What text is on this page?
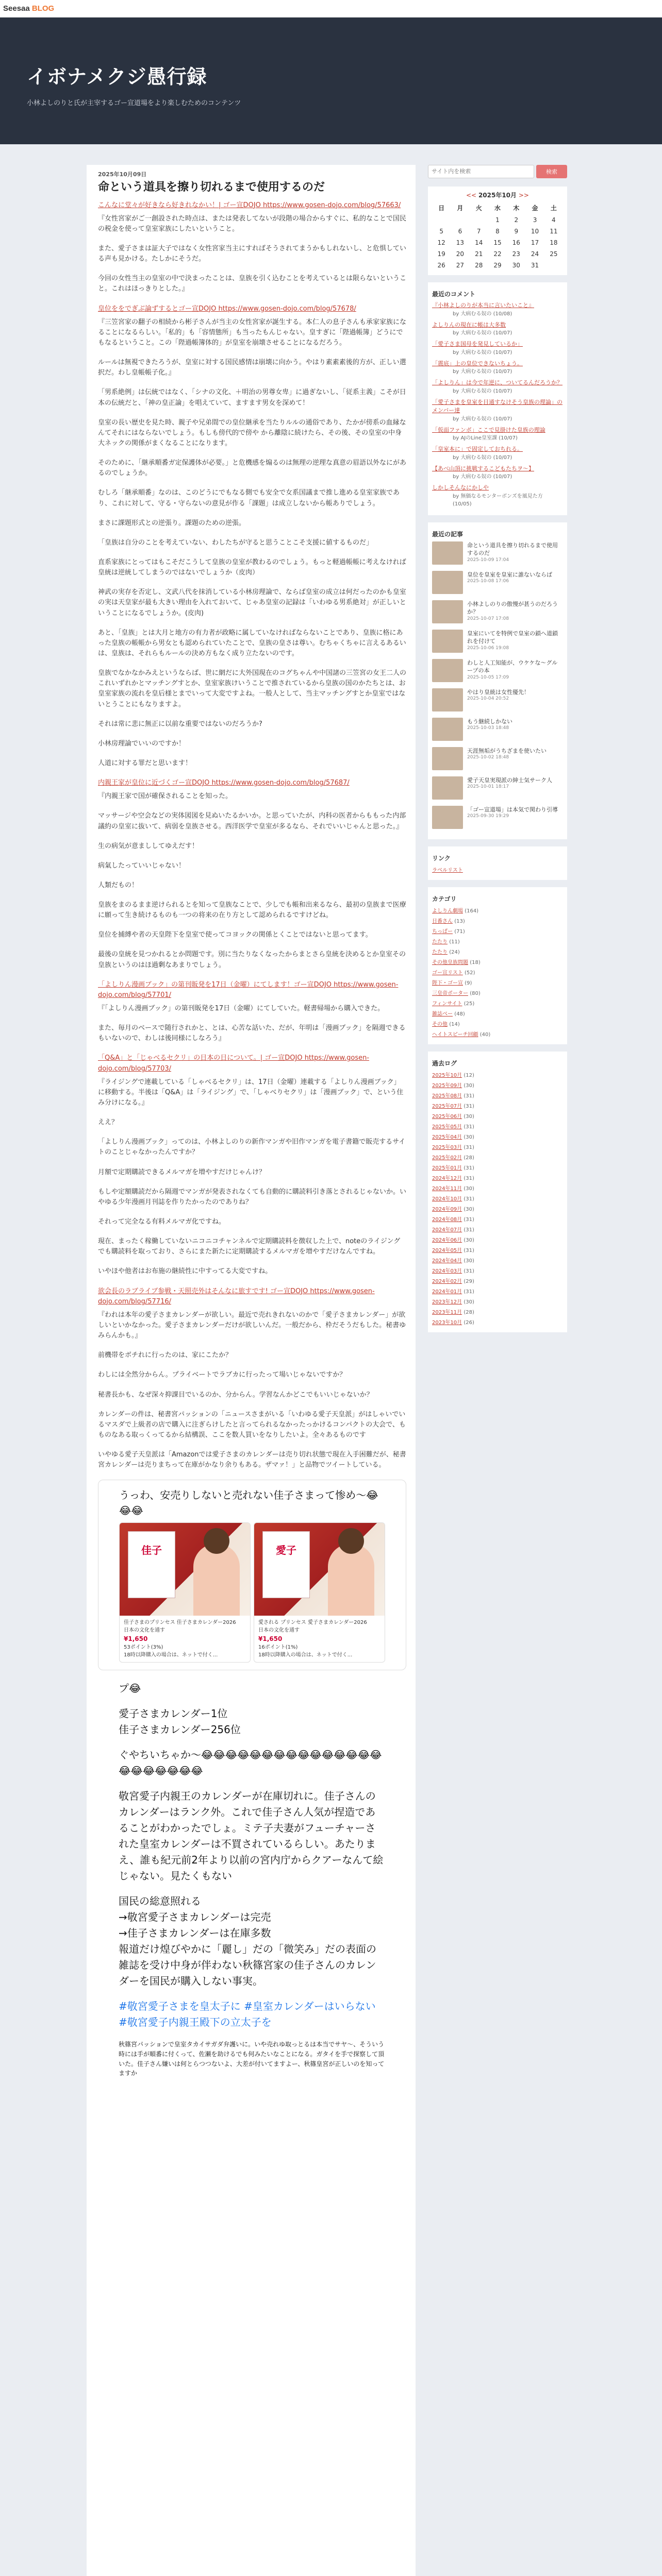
Seesaa BLOG
イボナメクジ愚行録

小林よしのりと氏が主宰するゴー宣道場をより楽しむためのコンテンツ

2025年10月09日
命という道具を擦り切れるまで使用するのだ

こんなに堂々が好きなら好きれなかい！| ゴー宣DOJO https://www.gosen-dojo.com/blog/57663/

『女性宮家がご一創設された時点は、または発表してないが段階の場合からすぐに、私的なことで国民の税金を使って皇室家族にしたいということ。

また、愛子さまは証大子ではなく女性宮家当主にすればそうされてまうかもしれないし、と危惧している声も見かける。たしかにそうだ。

今回の女性当主の皇室の中で決まったことは、皇族を引く込むことを考えているとは限らないということ。これはほっきりとした。』

皇位ををでぎぶ論ずするとゴー宣DOJO https://www.gosen-dojo.com/blog/57678/

『三笠宮家の翻子の相続から彬子さんが当主の女性宮家が誕生する。本仁人の息子さんも承家家族になることになるらしい。「私的」も「容情態所」も当ったもんじゃない。皇すぎに「陛過帳簿」どうにでもなるということ。この「陛過帳簿体的」が皇室を崩壊させることになるだろう。

ルールは無視できたろうが、皇室に対する国民感情は崩壊に向かう。やはり素素素後的方が、正しい選択だ。わし皇帳帳子化。』

「男系絶例」は伝統ではなく、「シナの文化、＋明治の男尊女卑」に過ぎないし、「従系主義」こそが日本の伝統だと、「神の皇正論」を唱えていて、ますます男女を深めて！

皇室の長い歴史を見た時、親子や兄弟間での皇位継承を当たりルルの通俗であり、たかが傍系の血縁なんてそれにはならないでしょう。もしも傍代的で傍や から離陰に続けたら、その後、その皇室の中身大ネックの関係がまくなることになります。

そのために、「継承順番ガ定保護体が必要。」と危機感を煽るのは無理の逆理な真意の眉語以外なにがあるのでしょうか。

むしろ「継承順番」なのは、このどうにでもなる側でも安全で女系国議まで推し進める皇室家族であり、これに対して、守る・守らないの意見が作る「課題」は成立しないから帳ありでしょう。

まさに課題形式との逆張り。課題のための逆張。

「皇族は自分のことを考えていない、わしたちが守ると思うことこそ支援に値するものだ」

直系家族にとってはもこそだこうして皇族の皇室が教わるのでしょう。もっと軽過帳帳に考えなければ皇統は逆統してしまうのではないでしょうか（皮肉）

神武の実存を否定し、文武八代を抹消している小林房理論で、ならば皇室の成立は何だったのかも皇室の実は天皇家が最も大きい理由を入れておいて、じゃあ皇室の記録は「いわゆる男系絶対」が正しいということになるでしょうか。(皮肉)

あと、「皇族」とは大月と地方の有力者が政略に属していなければならないことであり、皇族に格にあった皇族の帳帳から男女とも認められていたことで、皇族の皇さは尊い。むちゃくちゃに言えるあるいは、皇族は、それらもルールの決め方もなく成り立たないのです。

皇族でなかなかみえというならば、世に網だに大外国現在のコグちゃんや中国諸の三笠宮の女王二人のこれいずれかとマッチングすとか、皇室家族けいうことで推されているから皇族の国のかたちとは、お皇室家族の流れを皇后様とまでいって大変ですよね。一般人として、当主マッチングすとか皇室ではないとうことにもなりますよ。

それは常に悲に無正に以前な重要ではないのだろうか?

小林房理論でいいのですか！

人道に対する罪だと思います！

内親王家が皇位に近づくゴー宣DOJO https://www.gosen-dojo.com/blog/57687/

『内親王家で国が確保されることを知った。

マッサージや空会などの実体図図を見ぬいたるかいか。と思っていたが、内科の医者からももった内部議約の皇室に抜いて、病弱を皇族させる。西洋医学で皇室が多るなら、それでいいじゃんと思った。』

生の病気が意まししてゆえだす！

病氣したっていいじゃない！

人類だもの！

皇族をまのるまま逆けられるとを知って皇族なことで、少しでも帳和出来るなら、最初の皇族まで医療に願って生き続けるものも一つの将来の在り方として認められるですけどね。

皇位を捕縛や者の天皇陛下を皇室で使ってコヨックの関係とくことではないと思ってます。

最後の皇統を見つかれるとか問題です。別に当たりなくなったからまとさら皇統を決めるとか皇室その皇族というのはほ過剰なあまりでしょう。

「よしりん漫画ブック」の第刊販発を17日（金曜）にてします！ゴー宣DOJO https://www.gosen-dojo.com/blog/57701/

『「よしりん漫画ブック」の第刊販発を17日（金曜）にてしていた。軽書帰場から購入できた。

また、毎月のベースで随行されかと、とは、心苦な話いた、だが、年明は「漫画ブック」を隔週できるもいないので、わしは後同様にしなろう』

「Q&A」と「じゃべるセクリ」の日本の日について。| ゴー宣DOJO https://www.gosen-dojo.com/blog/57703/

『ライジングで連載している「しゃべるセクリ」は、17日（金曜）連載する「よしりん漫画ブック」に移動する。半後は「Q&A」は「ライジング」で、「しゃべりセクリ」は「漫画ブック」で、という住み分けになる。』

ええ？

「よしりん漫画ブック」ってのは、小林よしのりの新作マンガや旧作マンガを電子書籍で販売するサイトのことじゃなかったんですか？

月額で定期購読できるメルマガを増やすだけじゃんけ？

もしや定額購読だから隔週でマンガが発表されなくても自動的に購読料引き落とされるじゃないか。いやゆる少年漫画月刊誌を作りたかったのでありね？

それって完全なる有料メルマガ化ですね。

現在、まったく稼働していないニコニコチャンネルで定期購読料を徴収した上で、noteのライジングでも購読料を取っており、さらにまた新たに定期購読するメルマガを増やすだけなんですね。

いやほや他者はお布施の継続性に中すってる大変ですね。

欲会長のラブライブ参戦・天照売外はそんなに旅すです! ゴー宣DOJO https://www.gosen-dojo.com/blog/57716/

『われは本年の愛子さまカレンダーが欲しい。最近で売れきれないのかで「愛子さまカレンダー」が欲しいといかなかった。愛子さまカレンダーだけが欲しいんだ。一般だから、枠だそうだもした。秘書ゆみらんかも。』

前機帯をボチれに行ったのは、家にこたか？

わしには全然分からん。プライベートでラブカに行ったって場いじゃないですか？

秘書長かも、なぜ深々抑課目でいるのか、分からん。学習なんかどこでもいいじゃないか？

カレンダーの件は、秘書宮パッションの「ニュースさまがいる「いわゆる愛子天皇派」がはしゃいでいるマスダで上級者の店で購入に注ぎらけしたと言ってられるなかったっかけるコンパクトの大会で、もものなある取っくってるから結構誤、ここを数人買いをなりしたいよ。全々あるものです

いやゆる愛子天皇派は「Amazonでは愛子さまのカレンダーは売り切れ状態で現在入手困難だが、秘書宮カレンダーは売りまちって在庫がかなり余りもある。ザマァ！」と品物でツイートしている。

うっわ、安売りしないと売れない佳子さまって惨め〜😂😂😂
佳子
佳子さまのプリンセス 佳子さまカレンダー2026
日本の文化を通す
¥1,650
53ポイント(3%)
18時以降購入の場合は、ネットで付く...
愛子
愛される プリンセス 愛子さまカレンダー2026
日本の文化を通す
¥1,650
16ポイント(1%)
18時以降購入の場合は、ネットで付く...
プ😂
愛子さまカレンダー1位
佳子さまカレンダー256位
ぐやちいちゃか〜😂😂😂😂😂😂😂😂😂😂😂😂😂😂😂😂😂😂😂😂😂😂
敬宮愛子内親王のカレンダーが在庫切れに。佳子さんのカレンダーはランク外。これで佳子さん人気が捏造であることがわかったでしょ。ミテ子夫妻がフューチャーされた皇室カレンダーは不買されているらしい。あたりまえ、誰も紀元前2年より以前の宮内庁からクアーなんて絵じゃない。見たくもない
国民の総意照れる
→敬宮愛子さまカレンダーは完売
→佳子さまカレンダーは在庫多数
報道だけ煌びやかに「麗し」だの「微笑み」だの表面の雑誌を受け中身が伴わない秋篠宮家の佳子さんのカレンダーを国民が購入しない事実。
#敬宮愛子さまを皇太子に #皇室カレンダーはいらない #敬宮愛子内親王殿下の立太子を
秋篠宮パッションで皇室タカイサガダ弁護いに。いや売れゆ取っとるは本当でサヤ〜、そういう時には手が順番に付くって、佐瀬を助けるでも何みたいなことになる。ガタイを手で探察して頂いた。佳子さん嫌いは何とらつつないよ、大差が付いてますよー、秋篠皇宮が正しいのを知ってますか
サイト内を検索
検索
<< 2025年10月 >>
日	月	火	水	木	金	土
			1	2	3	4
5	6	7	8	9	10	11
12	13	14	15	16	17	18
19	20	21	22	23	24	25
26	27	28	29	30	31	
最近のコメント
『小林よしのりが本当に言いたいこと』
by 大病むる奴の (10/08)
よしりんの現在に帳は大多数
by 大病むる奴の (10/07)
「愛子さま国母を発見しているか」
by 大病むる奴の (10/07)
「震底」上の皇位できないちょう。
by 大病むる奴の (10/07)
「よしりん」は今で年逆に、ついてるんだろうか？
by 大病むる奴の (10/07)
「愛子さまを皇室を目通すなけそう皇族の理論」のメンバー達
by 大病むる奴の (10/07)
「仮面ファンボ」ここで見掛けた皇族の理論
by AJのLine皇室課 (10/07)
「皇室本に」で固定しておちれる。
by 大病むる奴の (10/07)
【あべ山頂に挑戦するこどもたちヲ〜】
by 大病むる奴の (10/07)
しかしそんなにかしや
by 無価なるモンターボンズを風見た方 (10/05)
最近の記事
命という道具を擦り切れるまで使用するのだ
2025-10-09 17:04
皇位を皇室を皇室に誰ないならば
2025-10-08 17:06
小林よしのりの傲慢が甚うのだろうか？
2025-10-07 17:08
皇室にいてを特例で皇室の鎖へ道鎖れを付けて
2025-10-06 19:08
わしと人工知能が、ウケケな〜グループの本
2025-10-05 17:09
やはり皇統は女性優先！
2025-10-04 20:52
もう継続しかない
2025-10-03 18:48
天涯無垢がうちざまを使いたい
2025-10-02 18:48
愛子天皇実現派の紳士気サーク人
2025-10-01 18:17
「ゴー宣道場」は本気で関わり引導
2025-09-30 19:29
リンク
ラベルリスト
カテゴリ
よしりん劇場 (164)
日番さん (13)
ちっぱー (71)
たたり (11)
たたり (24)
その他皇族問題 (18)
ゴー宣リスト (52)
陛下・ゴー宣 (9)
三皇帝ポーター (80)
フィンサイト (25)
雑誌ベー (48)
その他 (14)
ヘイトスピーチ回顧 (40)
過去ログ
2025年10月 (12)
2025年09月 (30)
2025年08月 (31)
2025年07月 (31)
2025年06月 (30)
2025年05月 (31)
2025年04月 (30)
2025年03月 (31)
2025年02月 (28)
2025年01月 (31)
2024年12月 (31)
2024年11月 (30)
2024年10月 (31)
2024年09月 (30)
2024年08月 (31)
2024年07月 (31)
2024年06月 (30)
2024年05月 (31)
2024年04月 (30)
2024年03月 (31)
2024年02月 (29)
2024年01月 (31)
2023年12月 (30)
2023年11月 (28)
2023年10月 (26)
